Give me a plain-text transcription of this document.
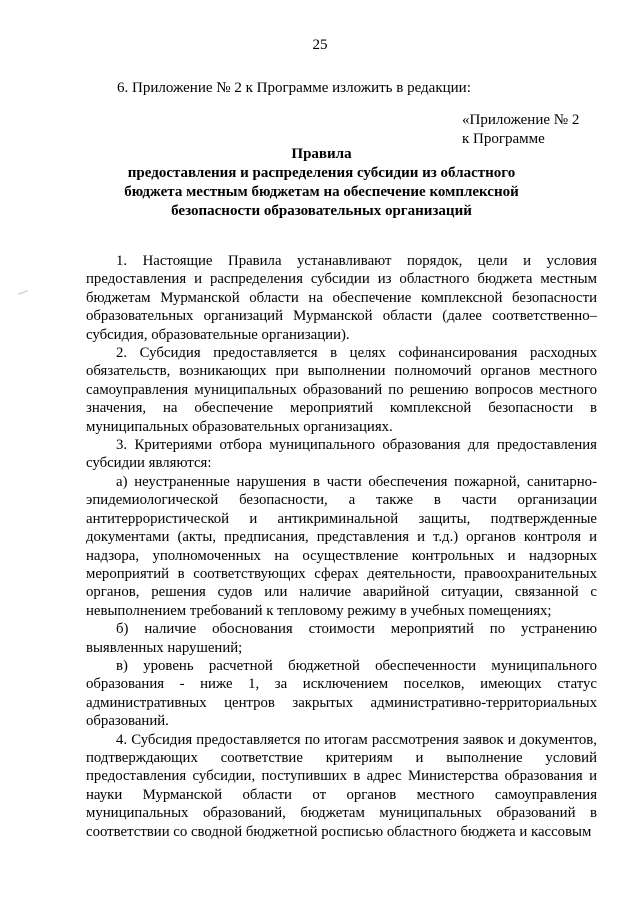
25
6. Приложение № 2 к Программе изложить в редакции:
«Приложение № 2
к Программе
Правила
предоставления и распределения субсидии из областного бюджета местным бюджетам на обеспечение комплексной безопасности образовательных организаций

1. Настоящие Правила устанавливают порядок, цели и условия предоставления и распределения субсидии из областного бюджета местным бюджетам Мурманской области на обеспечение комплексной безопасности образовательных организаций Мурманской области (далее соответственно– субсидия, образовательные организации).

2. Субсидия предоставляется в целях софинансирования расходных обязательств, возникающих при выполнении полномочий органов местного самоуправления муниципальных образований по решению вопросов местного значения, на обеспечение мероприятий комплексной безопасности в муниципальных образовательных организациях.

3. Критериями отбора муниципального образования для предоставления субсидии являются:

а) неустраненные нарушения в части обеспечения пожарной, санитарно-эпидемиологической безопасности, а также в части организации антитеррористической и антикриминальной защиты, подтвержденные документами (акты, предписания, представления и т.д.) органов контроля и надзора, уполномоченных на осуществление контрольных и надзорных мероприятий в соответствующих сферах деятельности, правоохранительных органов, решения судов или наличие аварийной ситуации, связанной с невыполнением требований к тепловому режиму в учебных помещениях;

б) наличие обоснования стоимости мероприятий по устранению выявленных нарушений;

в) уровень расчетной бюджетной обеспеченности муниципального образования - ниже 1, за исключением поселков, имеющих статус административных центров закрытых административно-территориальных образований.

4. Субсидия предоставляется по итогам рассмотрения заявок и документов, подтверждающих соответствие критериям и выполнение условий предоставления субсидии, поступивших в адрес Министерства образования и науки Мурманской области от органов местного самоуправления муниципальных образований, бюджетам муниципальных образований в соответствии со сводной бюджетной росписью областного бюджета и кассовым
